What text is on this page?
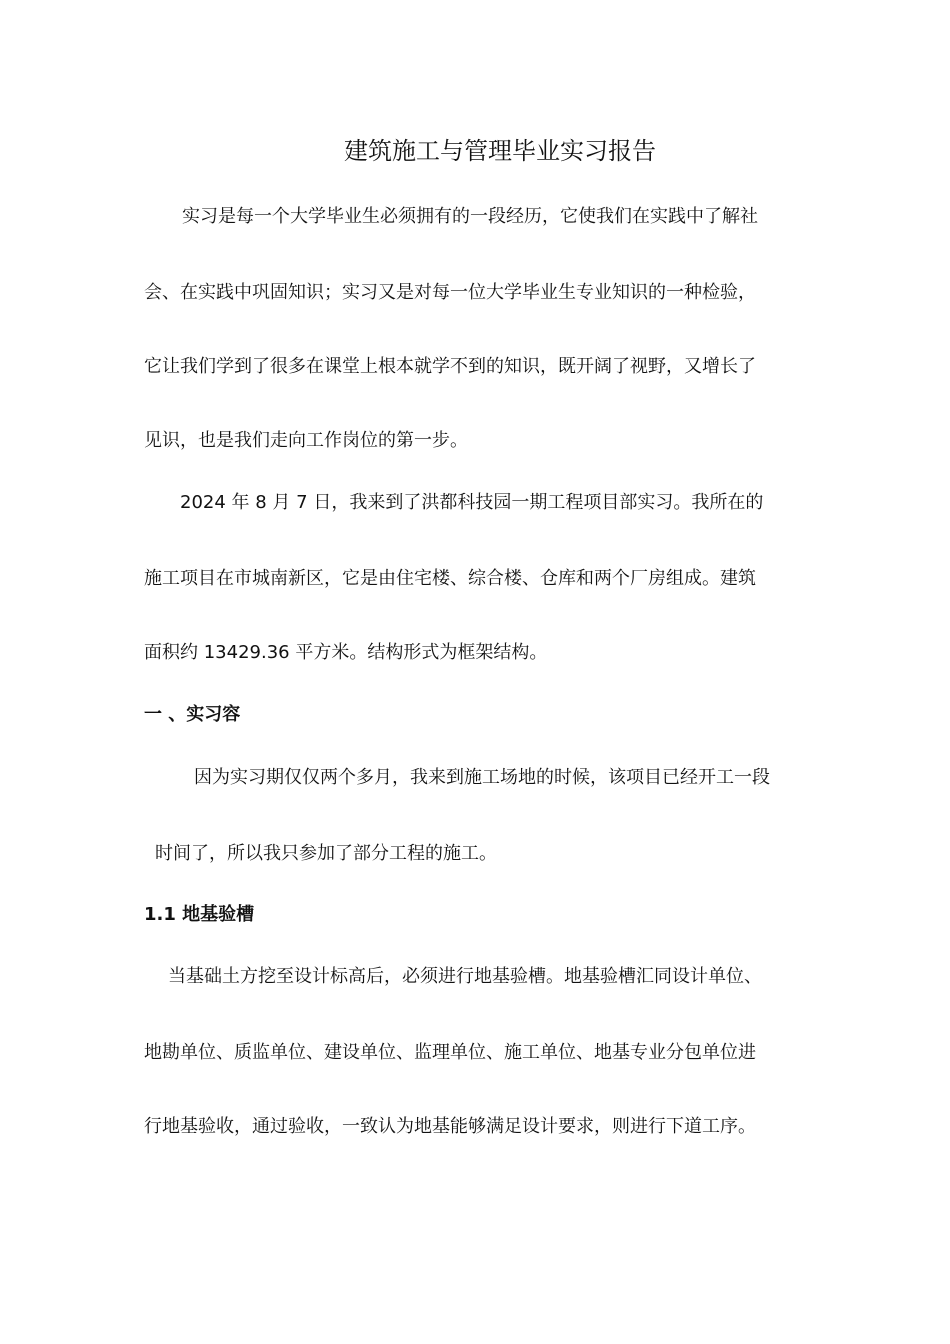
建筑施工与管理毕业实习报告
实习是每一个大学毕业生必须拥有的一段经历，它使我们在实践中了解社
会、在实践中巩固知识；实习又是对每一位大学毕业生专业知识的一种检验，
它让我们学到了很多在课堂上根本就学不到的知识，既开阔了视野，又增长了
见识，也是我们走向工作岗位的第一步。
2024 年 8 月 7 日，我来到了洪都科技园一期工程项目部实习。我所在的
施工项目在市城南新区，它是由住宅楼、综合楼、仓库和两个厂房组成。建筑
面积约 13429.36 平方米。结构形式为框架结构。
一 、实习容
因为实习期仅仅两个多月，我来到施工场地的时候，该项目已经开工一段
时间了，所以我只参加了部分工程的施工。
1.1 地基验槽
当基础土方挖至设计标高后，必须进行地基验槽。地基验槽汇同设计单位、
地勘单位、质监单位、建设单位、监理单位、施工单位、地基专业分包单位进
行地基验收，通过验收，一致认为地基能够满足设计要求，则进行下道工序。
